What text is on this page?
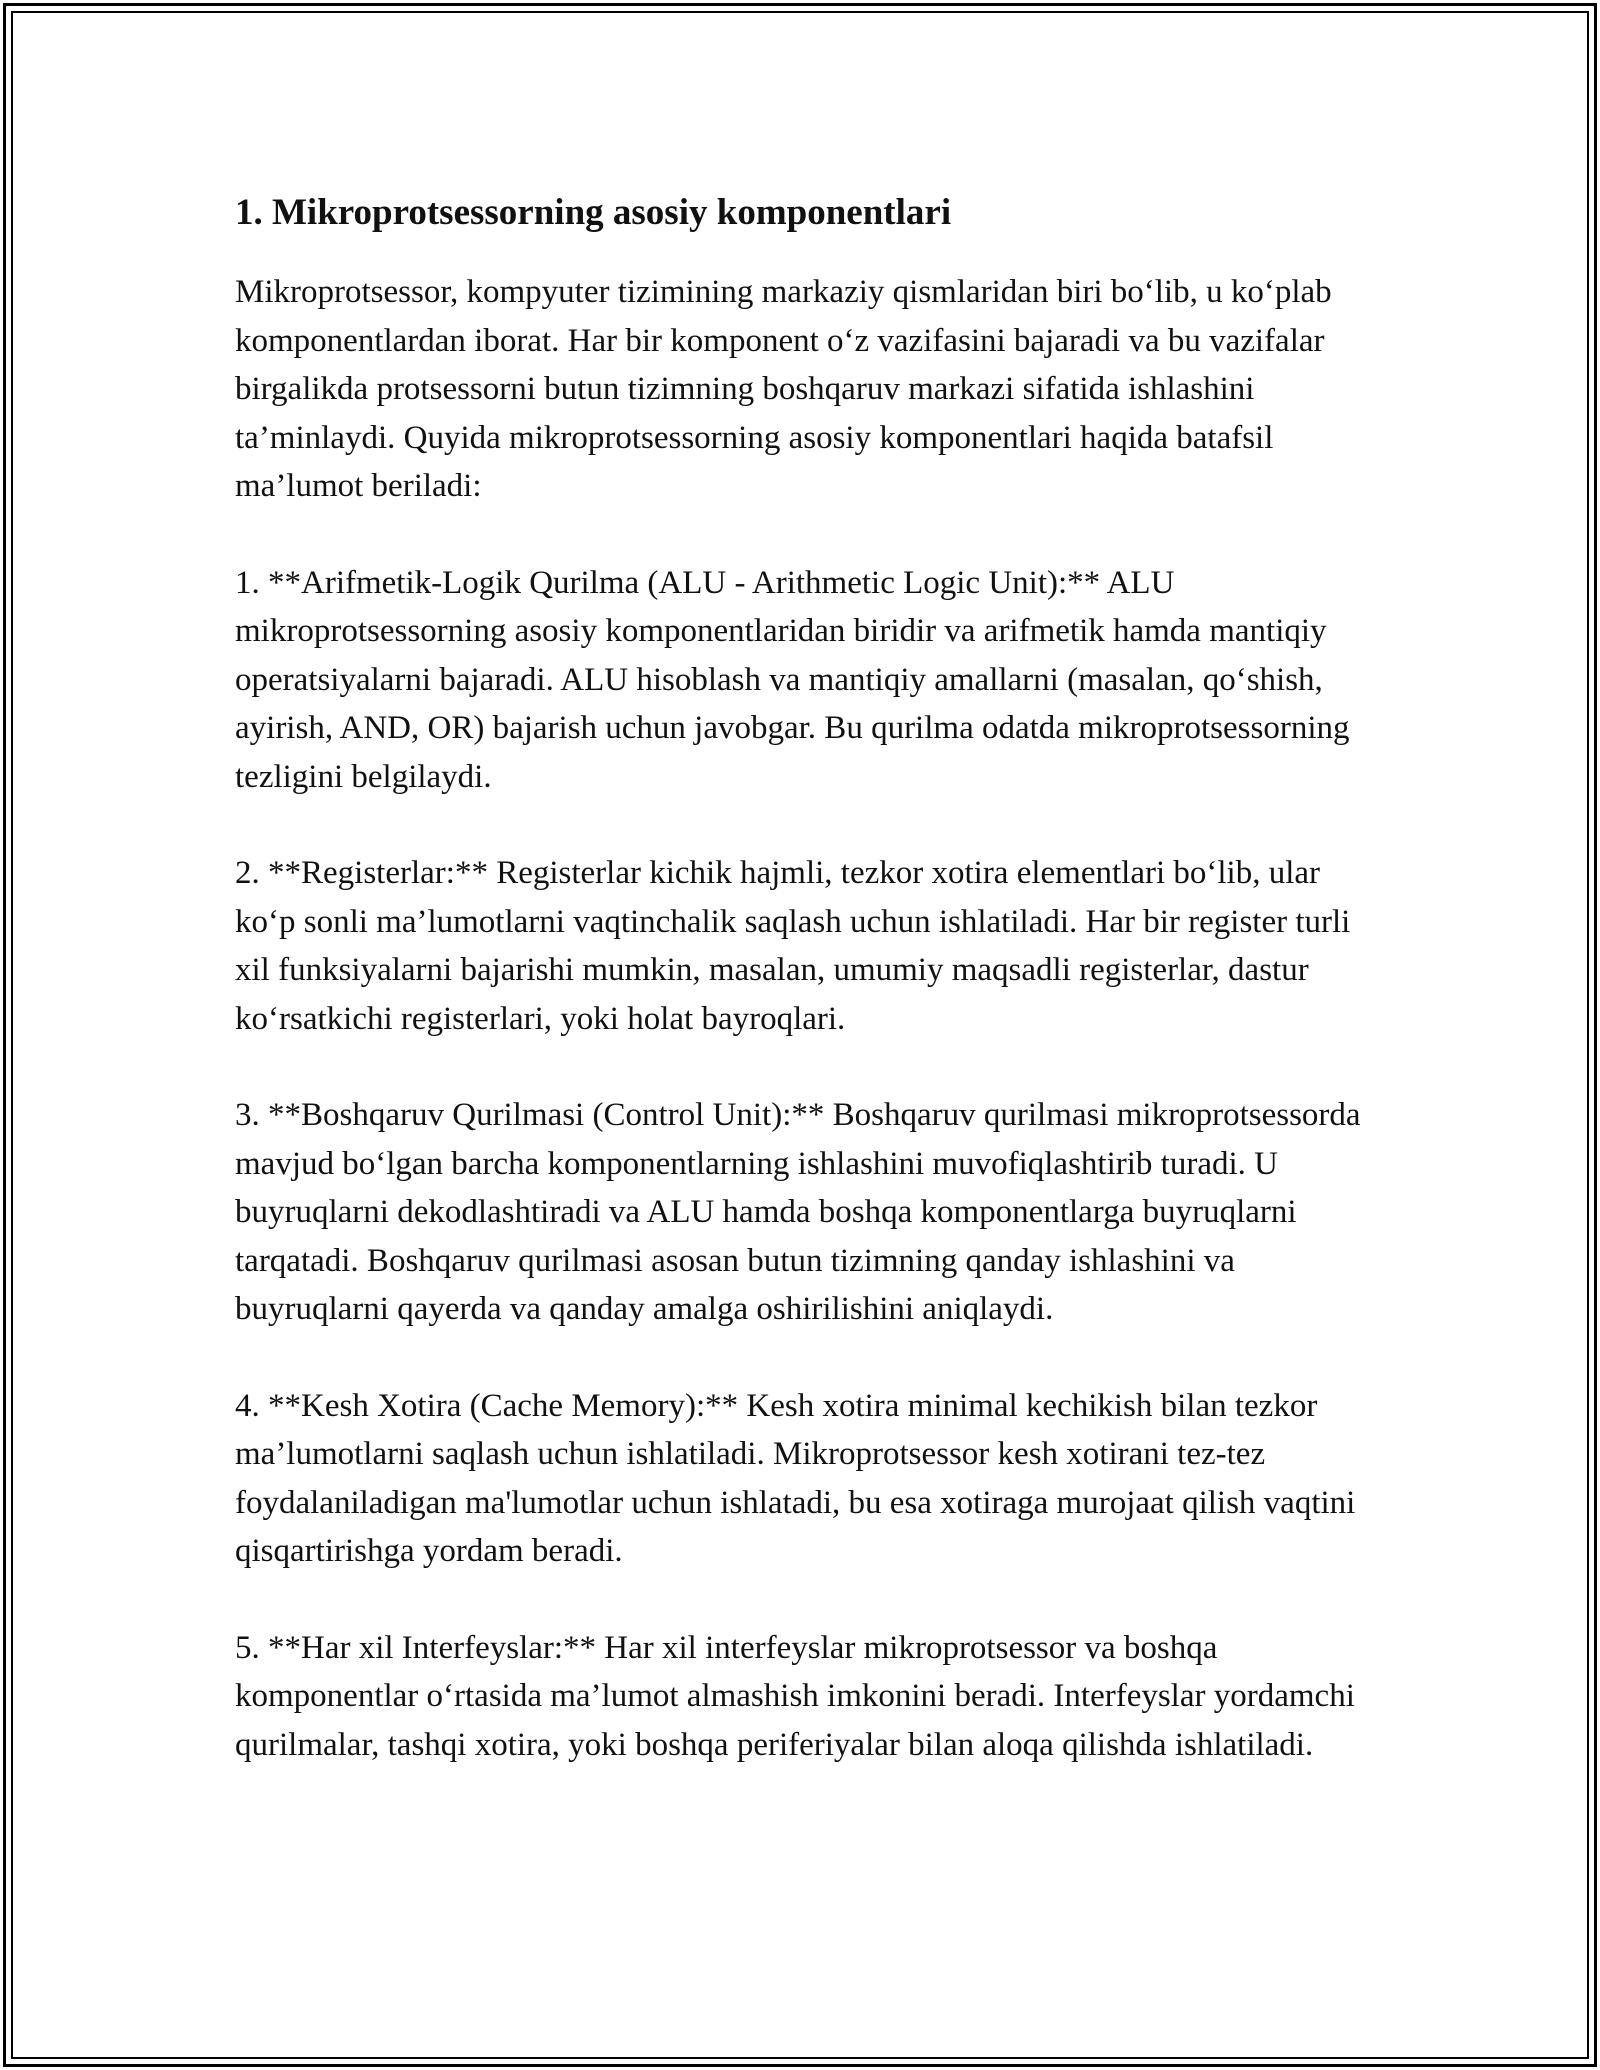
1. Mikroprotsessorning asosiy komponentlari

Mikroprotsessor, kompyuter tizimining markaziy qismlaridan biri bo‘lib, u ko‘plab komponentlardan iborat. Har bir komponent o‘z vazifasini bajaradi va bu vazifalar birgalikda protsessorni butun tizimning boshqaruv markazi sifatida ishlashini ta’minlaydi. Quyida mikroprotsessorning asosiy komponentlari haqida batafsil ma’lumot beriladi:

1. **Arifmetik-Logik Qurilma (ALU - Arithmetic Logic Unit):** ALU mikroprotsessorning asosiy komponentlaridan biridir va arifmetik hamda mantiqiy operatsiyalarni bajaradi. ALU hisoblash va mantiqiy amallarni (masalan, qo‘shish, ayirish, AND, OR) bajarish uchun javobgar. Bu qurilma odatda mikroprotsessorning tezligini belgilaydi.

2. **Registerlar:** Registerlar kichik hajmli, tezkor xotira elementlari bo‘lib, ular ko‘p sonli ma’lumotlarni vaqtinchalik saqlash uchun ishlatiladi. Har bir register turli xil funksiyalarni bajarishi mumkin, masalan, umumiy maqsadli registerlar, dastur ko‘rsatkichi registerlari, yoki holat bayroqlari.

3. **Boshqaruv Qurilmasi (Control Unit):** Boshqaruv qurilmasi mikroprotsessorda mavjud bo‘lgan barcha komponentlarning ishlashini muvofiqlashtirib turadi. U buyruqlarni dekodlashtiradi va ALU hamda boshqa komponentlarga buyruqlarni tarqatadi. Boshqaruv qurilmasi asosan butun tizimning qanday ishlashini va buyruqlarni qayerda va qanday amalga oshirilishini aniqlaydi.

4. **Kesh Xotira (Cache Memory):** Kesh xotira minimal kechikish bilan tezkor ma’lumotlarni saqlash uchun ishlatiladi. Mikroprotsessor kesh xotirani tez-tez foydalaniladigan ma'lumotlar uchun ishlatadi, bu esa xotiraga murojaat qilish vaqtini qisqartirishga yordam beradi.

5. **Har xil Interfeyslar:** Har xil interfeyslar mikroprotsessor va boshqa komponentlar o‘rtasida ma’lumot almashish imkonini beradi. Interfeyslar yordamchi qurilmalar, tashqi xotira, yoki boshqa periferiyalar bilan aloqa qilishda ishlatiladi.
